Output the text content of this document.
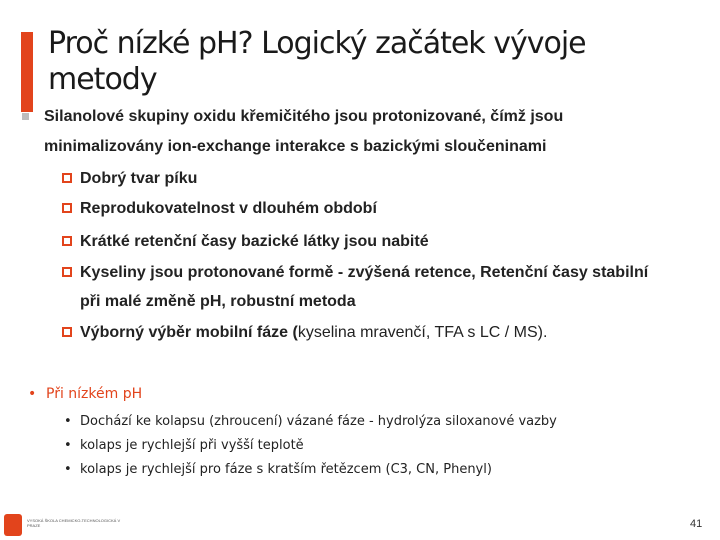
Proč nízké pH? Logický začátek vývoje metody
Silanolové skupiny oxidu křemičitého jsou protonizované, čímž jsou minimalizovány ion-exchange interakce s bazickými sloučeninami
Dobrý tvar píku
Reprodukovatelnost v dlouhém období
Krátké retenční časy bazické látky jsou nabité
Kyseliny jsou protonované formě - zvýšená retence, Retenční časy stabilní při malé změně pH, robustní metoda
Výborný výběr mobilní fáze (kyselina mravenčí, TFA s LC / MS).
• Při nízkém pH
• Dochází ke kolapsu (zhroucení) vázané fáze - hydrolýza siloxanové vazby
• kolaps je rychlejší při vyšší teplotě
• kolaps je rychlejší pro fáze s kratším řetězcem (C3, CN, Phenyl)
VYSOKÁ ŠKOLA CHEMICKO-TECHNOLOGICKÁ V PRAZE	41
